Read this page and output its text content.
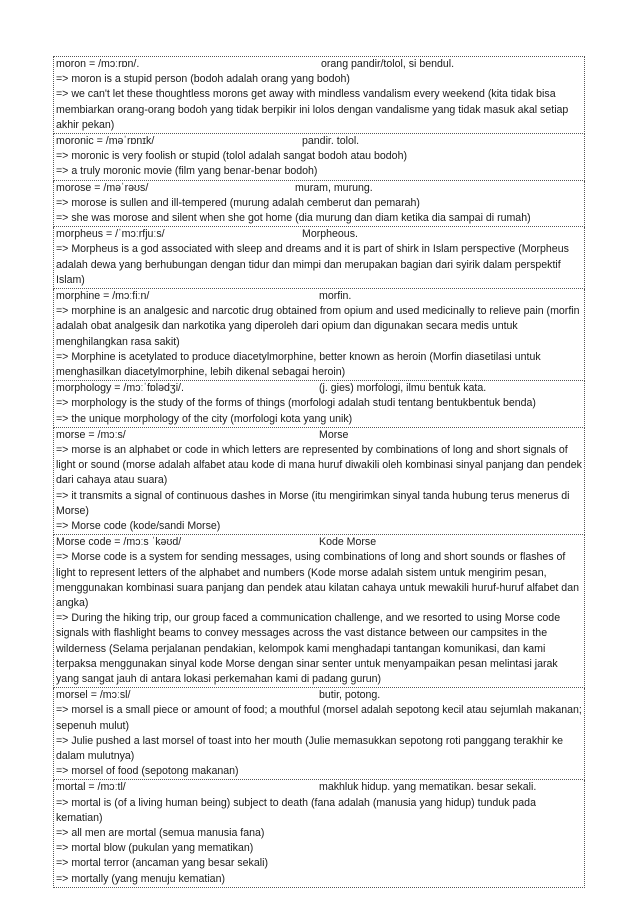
moron = /mɔːrɒn/.	orang pandir/tolol, si bendul.
=> moron is a stupid person (bodoh adalah orang yang bodoh)
=> we can't let these thoughtless morons get away with mindless vandalism every weekend (kita tidak bisa membiarkan orang-orang bodoh yang tidak berpikir ini lolos dengan vandalisme yang tidak masuk akal setiap akhir pekan)
moronic = /məˈrɒnɪk/	pandir. tolol.
=> moronic is very foolish or stupid (tolol adalah sangat bodoh atau bodoh)
=> a truly moronic movie (film yang benar-benar bodoh)
morose = /məˈrəʊs/	muram, murung.
=> morose is sullen and ill-tempered (murung adalah cemberut dan pemarah)
=> she was morose and silent when she got home (dia murung dan diam ketika dia sampai di rumah)
morpheus = /ˈmɔːrfjuːs/	Morpheous.
=> Morpheus is a god associated with sleep and dreams and it is part of shirk in Islam perspective (Morpheus adalah dewa yang berhubungan dengan tidur dan mimpi dan merupakan bagian dari syirik dalam perspektif Islam)
morphine = /mɔːfiːn/	morfin.
=> morphine is an analgesic and narcotic drug obtained from opium and used medicinally to relieve pain (morfin adalah obat analgesik dan narkotika yang diperoleh dari opium dan digunakan secara medis untuk menghilangkan rasa sakit)
=> Morphine is acetylated to produce diacetylmorphine, better known as heroin (Morfin diasetilasi untuk menghasilkan diacetylmorphine, lebih dikenal sebagai heroin)
morphology = /mɔːˈfɒlədʒi/.	(j. gies) morfologi, ilmu bentuk kata.
=> morphology is the study of the forms of things (morfologi adalah studi tentang bentukbentuk benda)
=> the unique morphology of the city (morfologi kota yang unik)
morse = /mɔːs/	Morse
=> morse is an alphabet or code in which letters are represented by combinations of long and short signals of light or sound (morse adalah alfabet atau kode di mana huruf diwakili oleh kombinasi sinyal panjang dan pendek dari cahaya atau suara)
=> it transmits a signal of continuous dashes in Morse (itu mengirimkan sinyal tanda hubung terus menerus di Morse)
=> Morse code (kode/sandi Morse)
Morse code = /mɔːs ˈkəʊd/	Kode Morse
=> Morse code is a system for sending messages, using combinations of long and short sounds or flashes of light to represent letters of the alphabet and numbers (Kode morse adalah sistem untuk mengirim pesan, menggunakan kombinasi suara panjang dan pendek atau kilatan cahaya untuk mewakili huruf-huruf alfabet dan angka)
=> During the hiking trip, our group faced a communication challenge, and we resorted to using Morse code signals with flashlight beams to convey messages across the vast distance between our campsites in the wilderness (Selama perjalanan pendakian, kelompok kami menghadapi tantangan komunikasi, dan kami terpaksa menggunakan sinyal kode Morse dengan sinar senter untuk menyampaikan pesan melintasi jarak yang sangat jauh di antara lokasi perkemahan kami di padang gurun)
morsel = /mɔːsl/	butir, potong.
=> morsel is a small piece or amount of food; a mouthful (morsel adalah sepotong kecil atau sejumlah makanan; sepenuh mulut)
=> Julie pushed a last morsel of toast into her mouth (Julie memasukkan sepotong roti panggang terakhir ke dalam mulutnya)
=> morsel of food (sepotong makanan)
mortal = /mɔːtl/	makhluk hidup. yang mematikan. besar sekali.
=> mortal is (of a living human being) subject to death (fana adalah (manusia yang hidup) tunduk pada kematian)
=> all men are mortal (semua manusia fana)
=> mortal blow (pukulan yang mematikan)
=> mortal terror (ancaman yang besar sekali)
=> mortally (yang menuju kematian)
